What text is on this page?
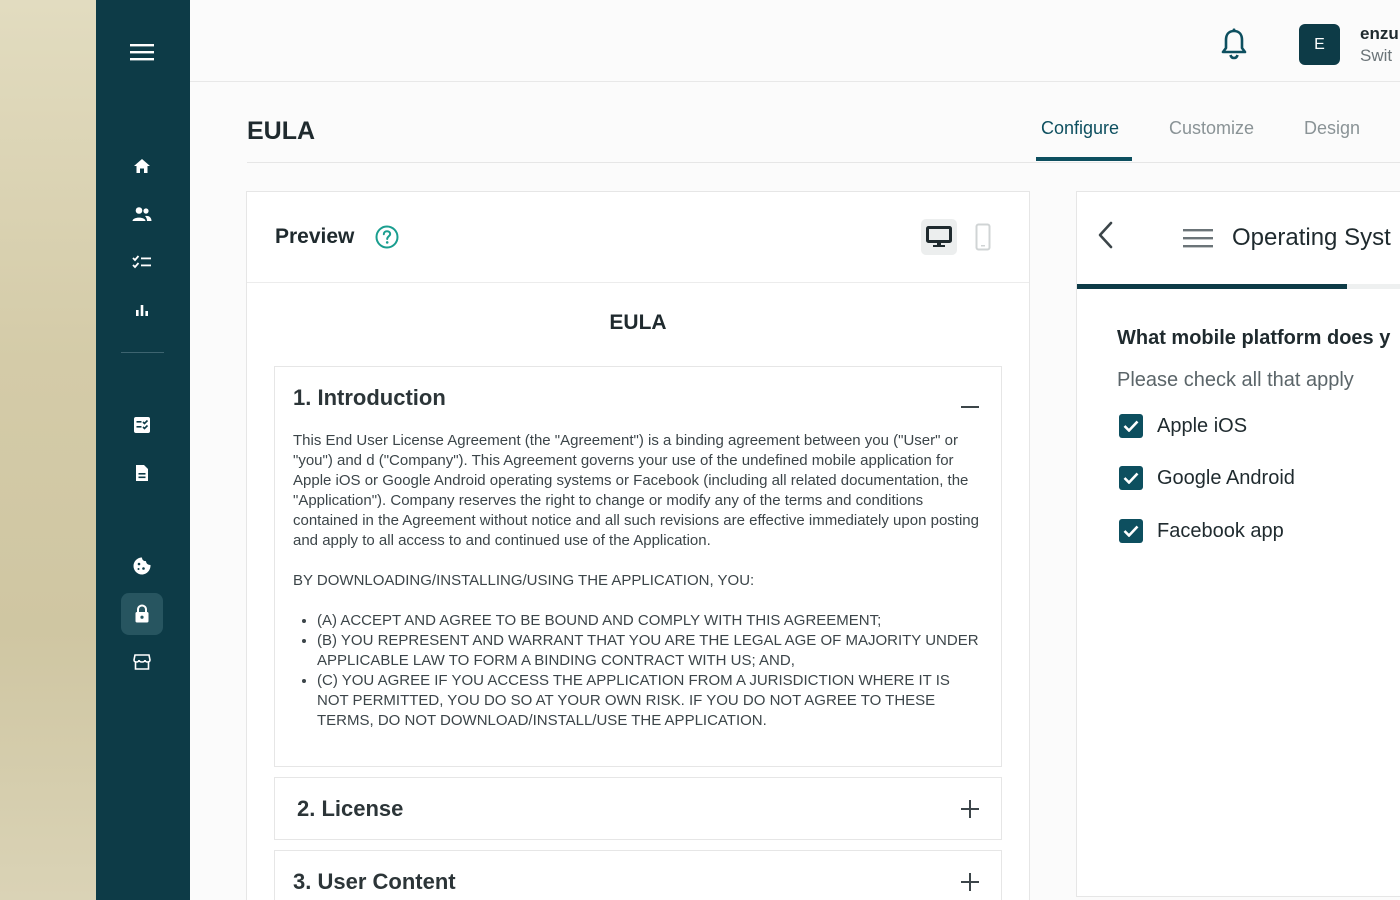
E
enzu
Swit
EULA	Configure	Customize	Design
Preview
EULA
1. Introduction

This End User License Agreement (the "Agreement") is a binding agreement between you ("User" or "you") and d ("Company"). This Agreement governs your use of the undefined mobile application for Apple iOS or Google Android operating systems or Facebook (including all related documentation, the "Application"). Company reserves the right to change or modify any of the terms and conditions contained in the Agreement without notice and all such revisions are effective immediately upon posting and apply to all access to and continued use of the Application.

BY DOWNLOADING/INSTALLING/USING THE APPLICATION, YOU:

• (A) ACCEPT AND AGREE TO BE BOUND AND COMPLY WITH THIS AGREEMENT;
• (B) YOU REPRESENT AND WARRANT THAT YOU ARE THE LEGAL AGE OF MAJORITY UNDER APPLICABLE LAW TO FORM A BINDING CONTRACT WITH US; AND,
• (C) YOU AGREE IF YOU ACCESS THE APPLICATION FROM A JURISDICTION WHERE IT IS NOT PERMITTED, YOU DO SO AT YOUR OWN RISK. IF YOU DO NOT AGREE TO THESE TERMS, DO NOT DOWNLOAD/INSTALL/USE THE APPLICATION.
2. License
3. User Content
Operating Syst
What mobile platform does y
Please check all that apply
Apple iOS
Google Android
Facebook app
